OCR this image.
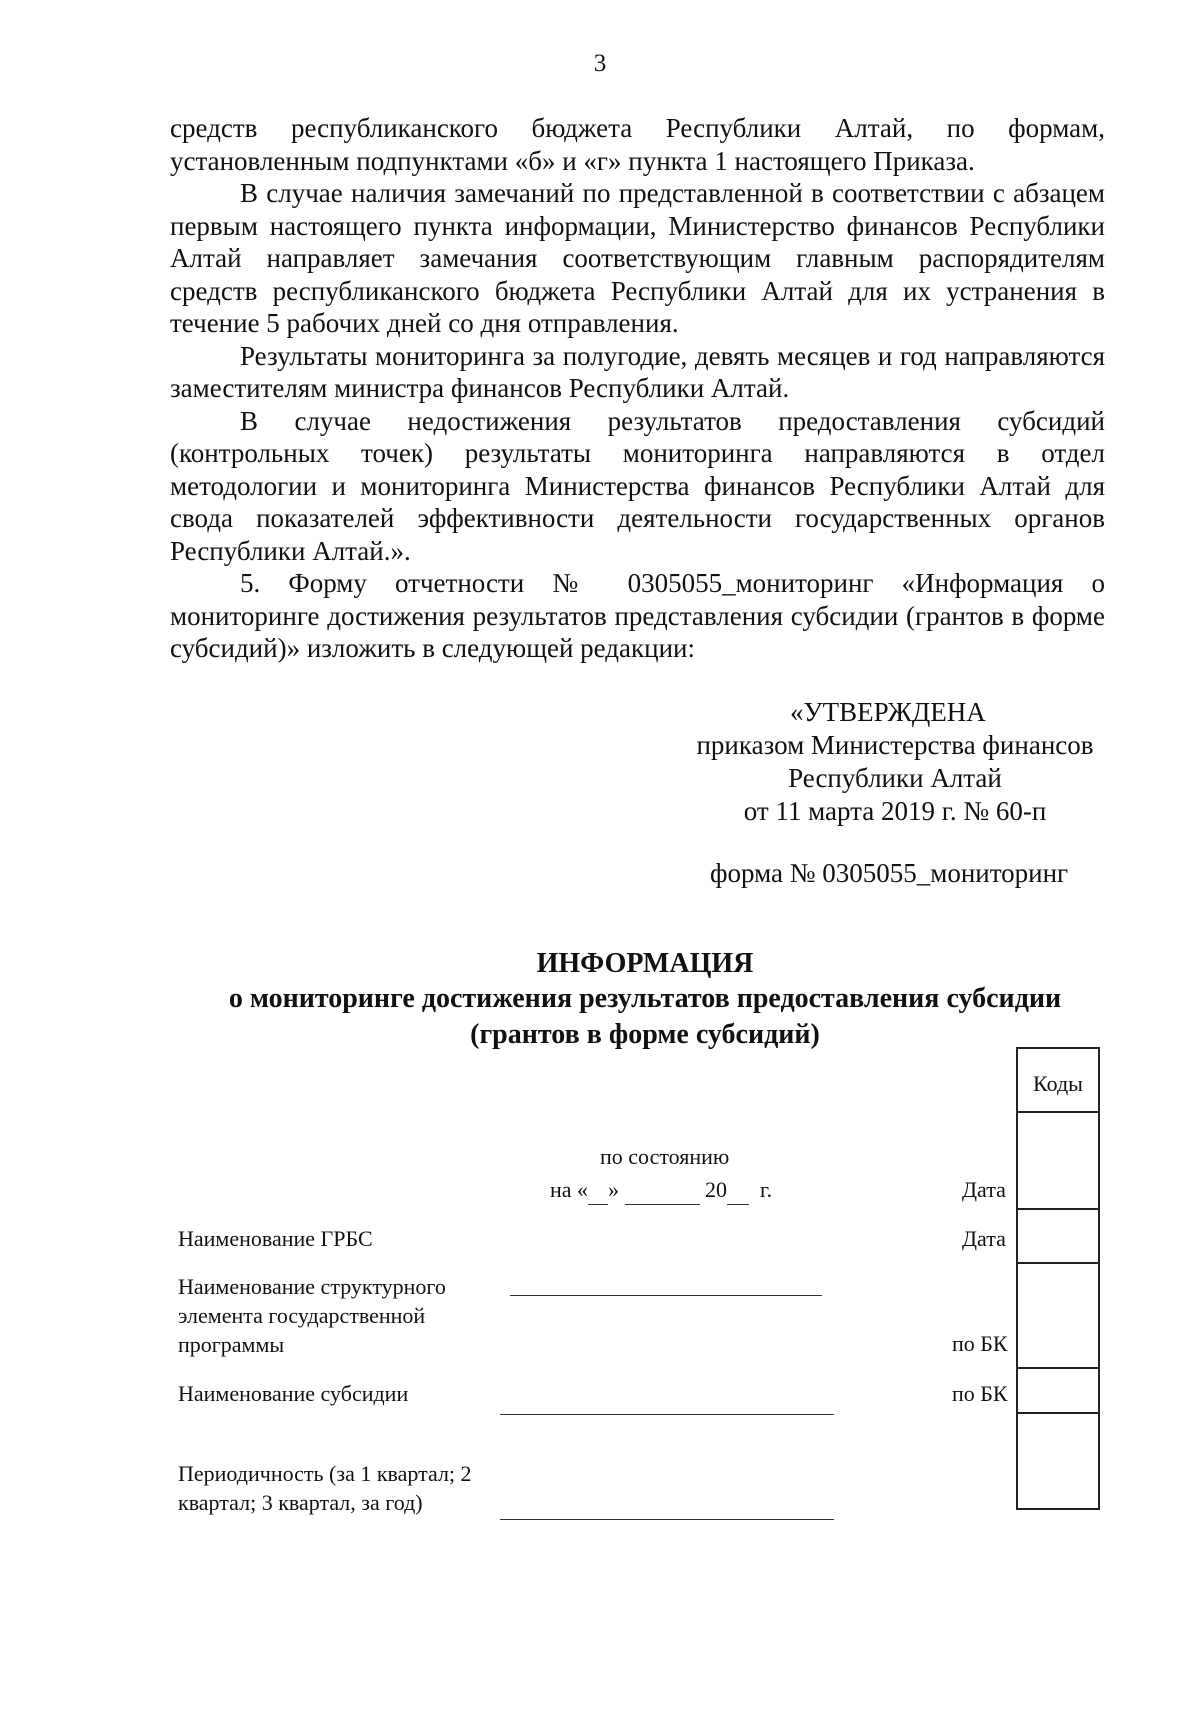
3

средств республиканского бюджета Республики Алтай, по формам, установленным подпунктами «б» и «г» пункта 1 настоящего Приказа.

В случае наличия замечаний по представленной в соответствии с абзацем первым настоящего пункта информации, Министерство финансов Республики Алтай направляет замечания соответствующим главным распорядителям средств республиканского бюджета Республики Алтай для их устранения в течение 5 рабочих дней со дня отправления.

Результаты мониторинга за полугодие, девять месяцев и год направляются заместителям министра финансов Республики Алтай.

В случае недостижения результатов предоставления субсидий (контрольных точек) результаты мониторинга направляются в отдел методологии и мониторинга Министерства финансов Республики Алтай для свода показателей эффективности деятельности государственных органов Республики Алтай.».

5. Форму отчетности № 0305055_мониторинг «Информация о мониторинге достижения результатов представления субсидии (грантов в форме субсидий)» изложить в следующей редакции:

«УТВЕРЖДЕНА
приказом Министерства финансов
Республики Алтай
от 11 марта 2019 г. № 60-п
форма № 0305055_мониторинг
ИНФОРМАЦИЯ
о мониторинге достижения результатов предоставления субсидии
(грантов в форме субсидий)
Коды
по состоянию
на « »	20 г.	Дата
Наименование ГРБС	Дата
Наименование структурного элемента государственной программы	по БК
Наименование субсидии	по БК
Периодичность (за 1 квартал; 2 квартал; 3 квартал, за год)
